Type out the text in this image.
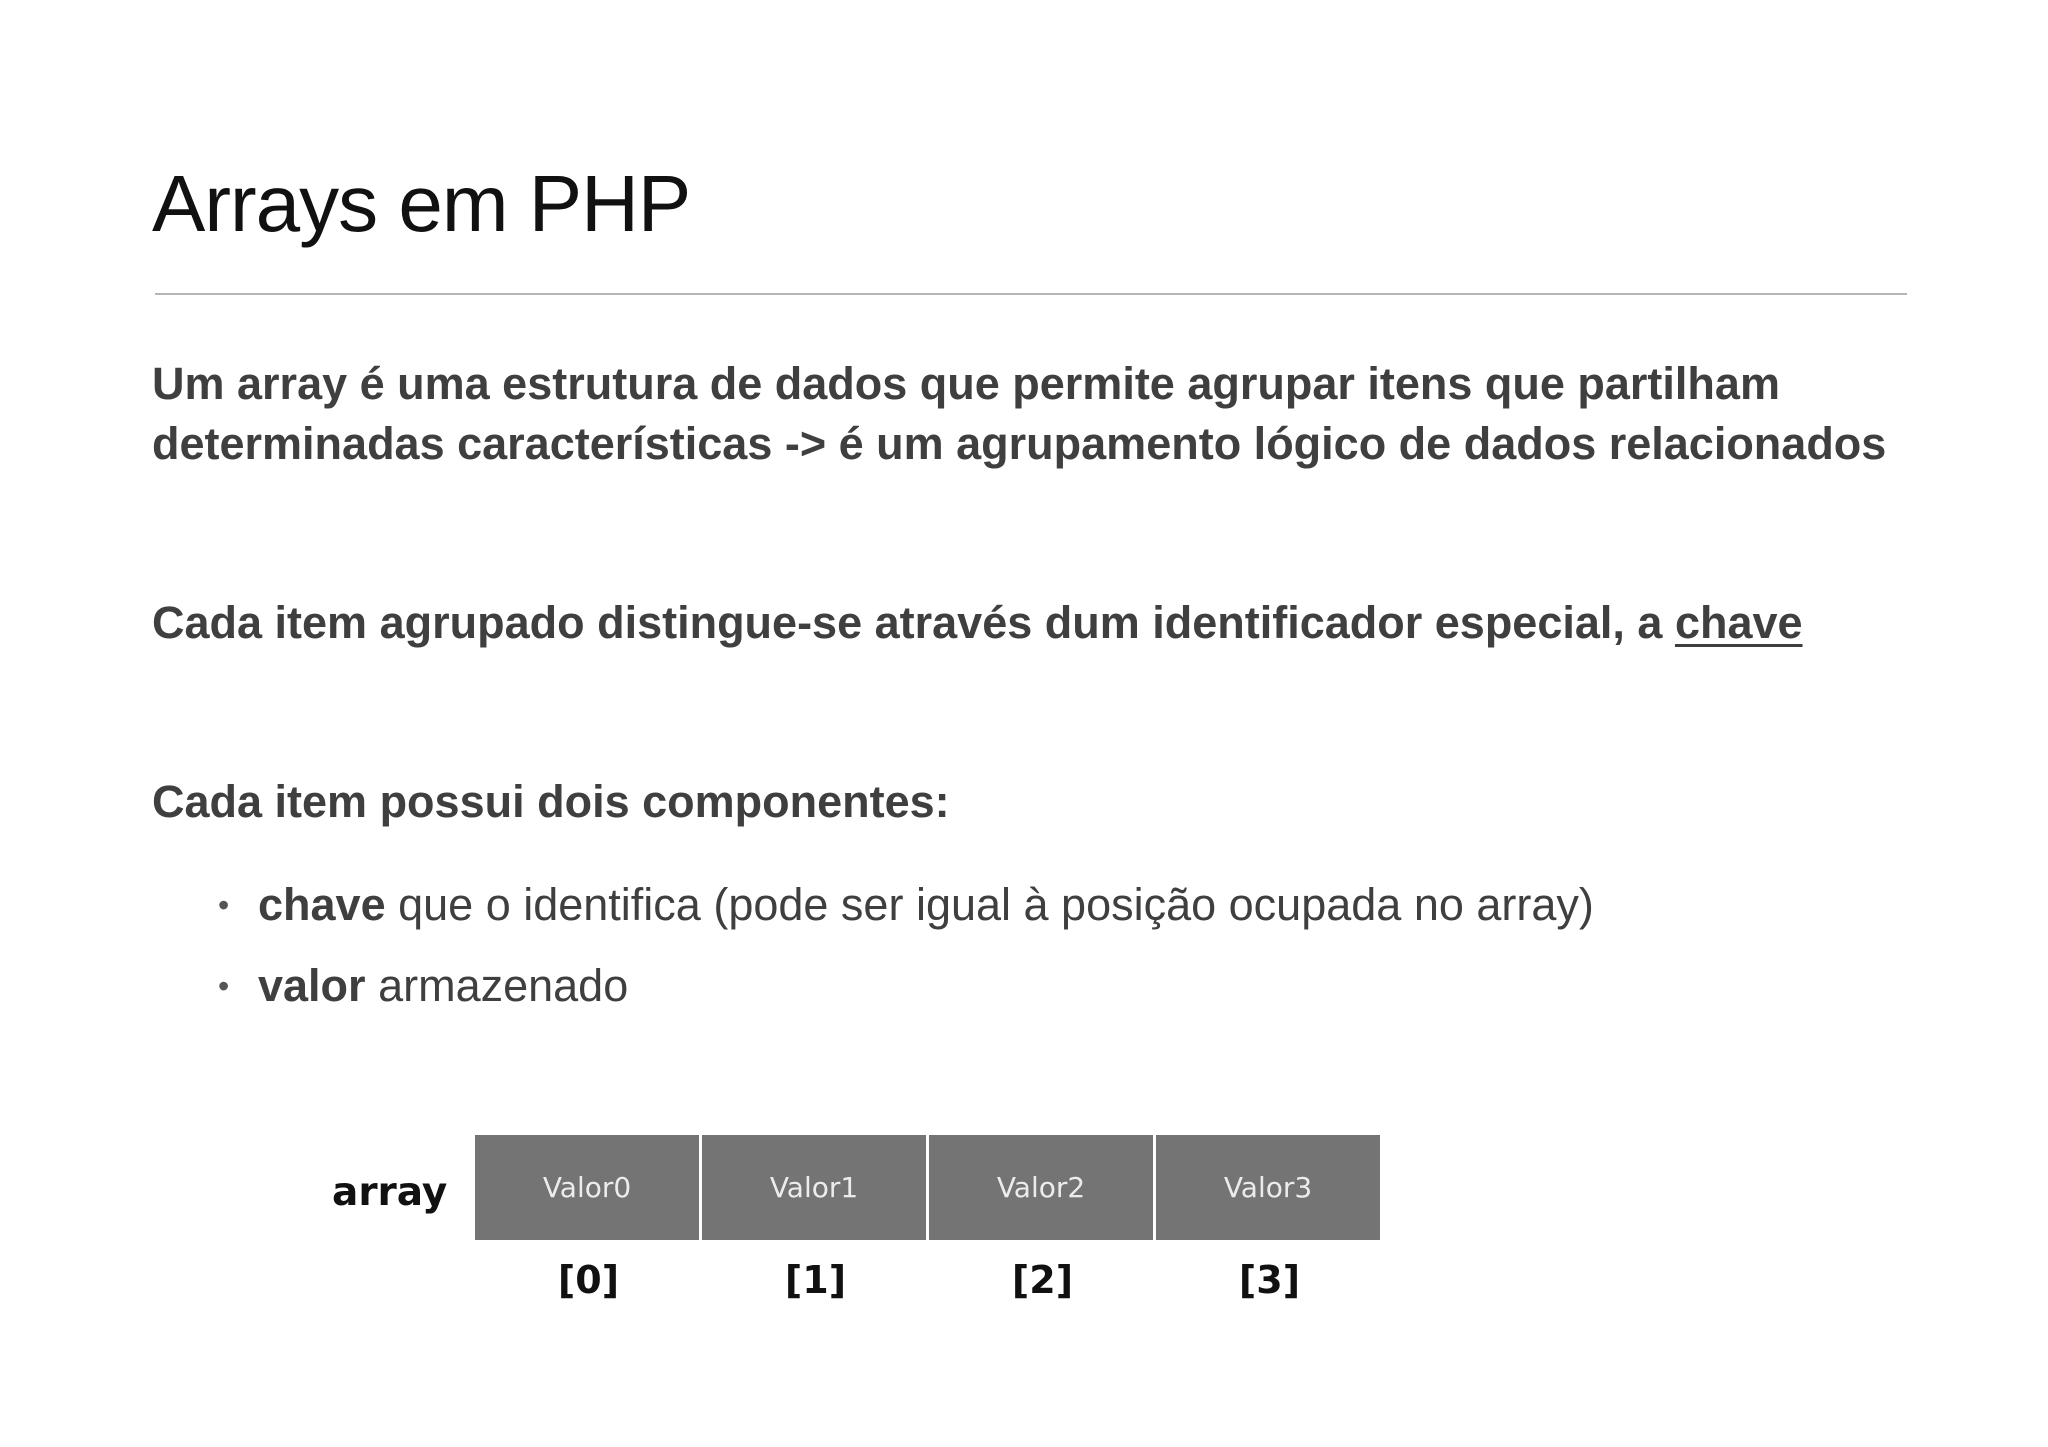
Arrays em PHP

Um array é uma estrutura de dados que permite agrupar itens que partilham determinadas características -> é um agrupamento lógico de dados relacionados

Cada item agrupado distingue-se através dum identificador especial, a chave

Cada item possui dois componentes:

• chave que o identifica (pode ser igual à posição ocupada no array)
• valor armazenado
array	Valor0	Valor1	Valor2	Valor3
[0]	[1]	[2]	[3]
